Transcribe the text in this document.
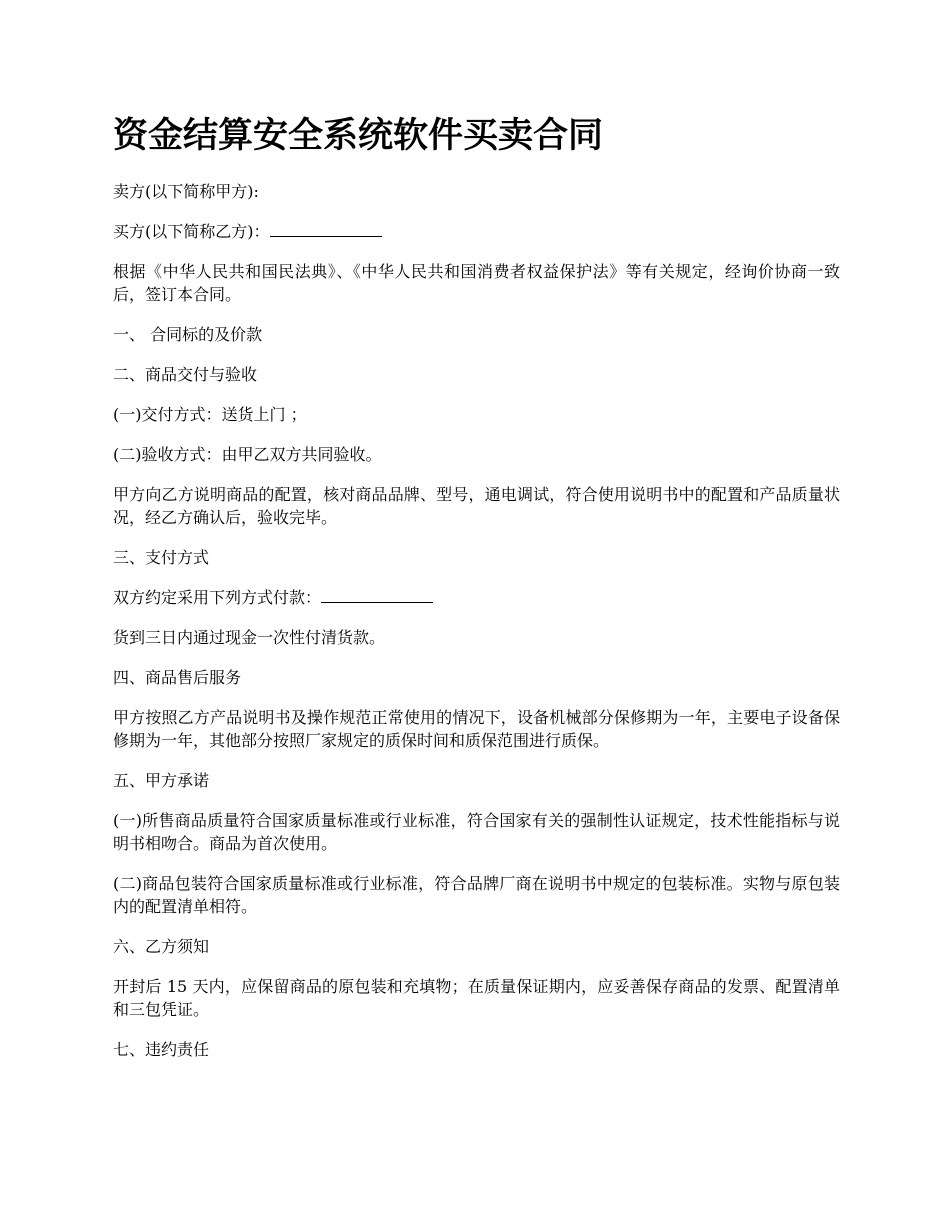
资金结算安全系统软件买卖合同

卖方(以下简称甲方):

买方(以下简称乙方)：

根据《中华人民共和国民法典》、《中华人民共和国消费者权益保护法》等有关规定，经询价协商一致后，签订本合同。

一、 合同标的及价款

二、商品交付与验收

(一)交付方式：送货上门 ；

(二)验收方式：由甲乙双方共同验收。

甲方向乙方说明商品的配置，核对商品品牌、型号，通电调试，符合使用说明书中的配置和产品质量状况，经乙方确认后，验收完毕。

三、支付方式

双方约定采用下列方式付款：

货到三日内通过现金一次性付清货款。

四、商品售后服务

甲方按照乙方产品说明书及操作规范正常使用的情况下，设备机械部分保修期为一年，主要电子设备保修期为一年，其他部分按照厂家规定的质保时间和质保范围进行质保。

五、甲方承诺

(一)所售商品质量符合国家质量标准或行业标准，符合国家有关的强制性认证规定，技术性能指标与说明书相吻合。商品为首次使用。

(二)商品包装符合国家质量标准或行业标准，符合品牌厂商在说明书中规定的包装标准。实物与原包装内的配置清单相符。

六、乙方须知

开封后 15 天内，应保留商品的原包装和充填物；在质量保证期内，应妥善保存商品的发票、配置清单和三包凭证。

七、违约责任
